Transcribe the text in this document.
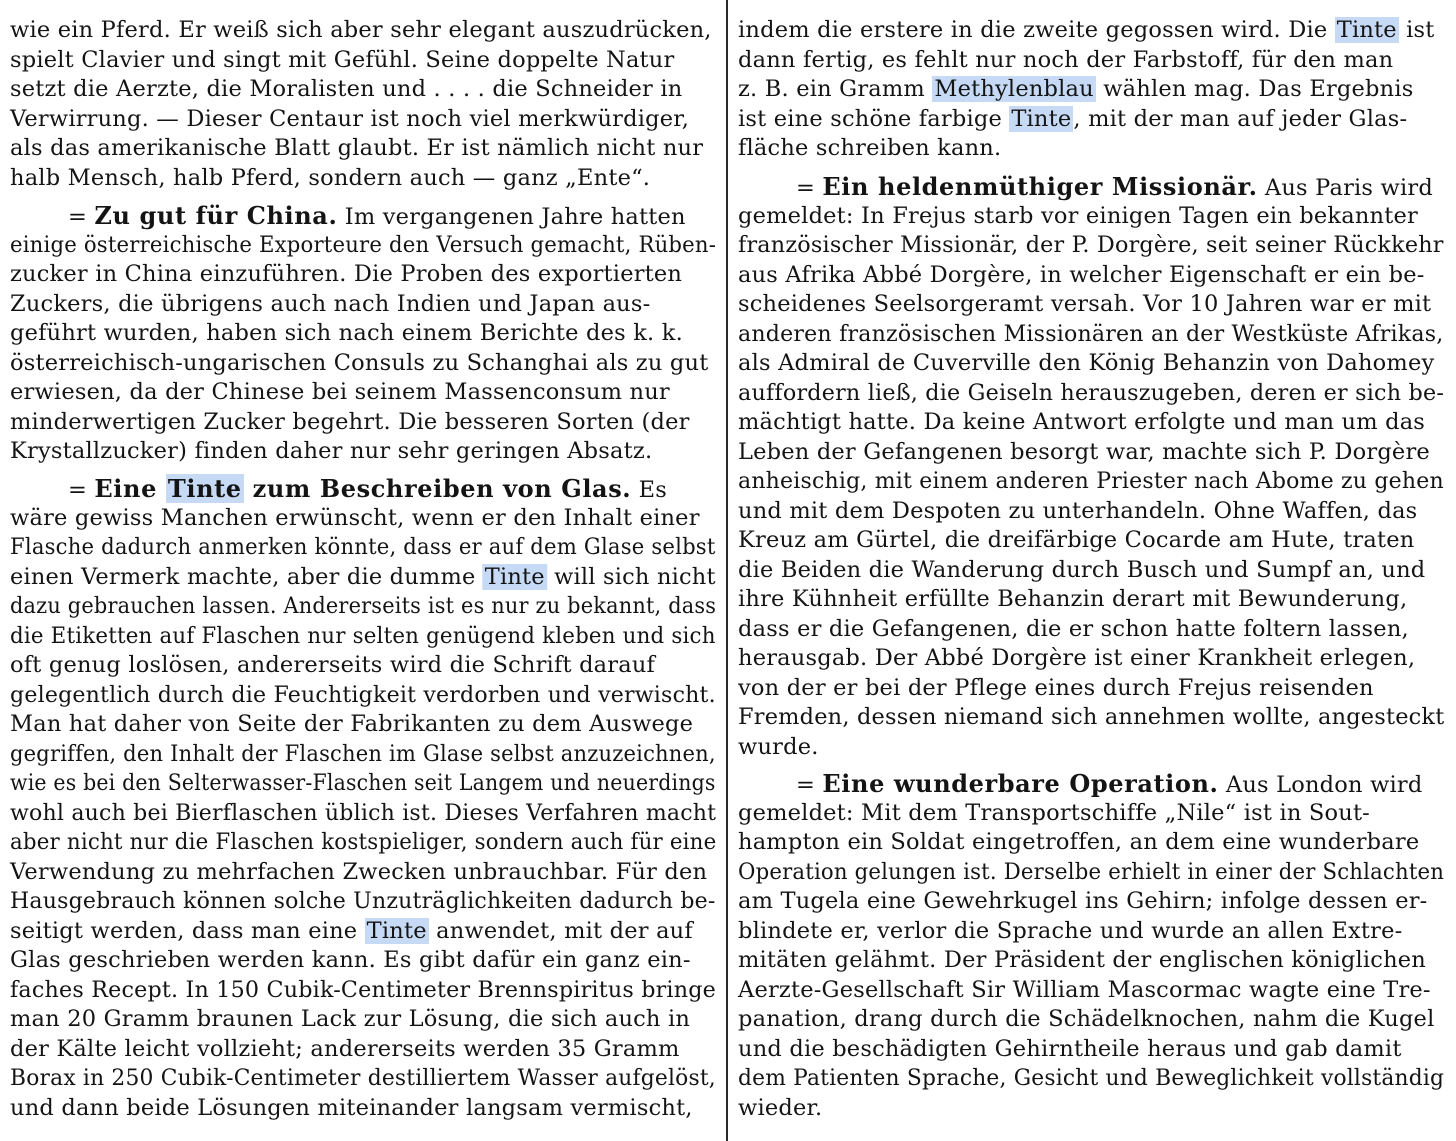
wie ein Pferd. Er weiß sich aber sehr elegant auszudrücken,
spielt Clavier und singt mit Gefühl. Seine doppelte Natur
setzt die Aerzte, die Moralisten und . . . . die Schneider in
Verwirrung. — Dieser Centaur ist noch viel merkwürdiger,
als das amerikanische Blatt glaubt. Er ist nämlich nicht nur
halb Mensch, halb Pferd, sondern auch — ganz „Ente“.
= Zu gut für China. Im vergangenen Jahre hatten
einige österreichische Exporteure den Versuch gemacht, Rüben-
zucker in China einzuführen. Die Proben des exportierten
Zuckers, die übrigens auch nach Indien und Japan aus-
geführt wurden, haben sich nach einem Berichte des k. k.
österreichisch-ungarischen Consuls zu Schanghai als zu gut
erwiesen, da der Chinese bei seinem Massenconsum nur
minderwertigen Zucker begehrt. Die besseren Sorten (der
Krystallzucker) finden daher nur sehr geringen Absatz.
= Eine Tinte zum Beschreiben von Glas. Es
wäre gewiss Manchen erwünscht, wenn er den Inhalt einer
Flasche dadurch anmerken könnte, dass er auf dem Glase selbst
einen Vermerk machte, aber die dumme Tinte will sich nicht
dazu gebrauchen lassen. Andererseits ist es nur zu bekannt, dass
die Etiketten auf Flaschen nur selten genügend kleben und sich
oft genug loslösen, andererseits wird die Schrift darauf
gelegentlich durch die Feuchtigkeit verdorben und verwischt.
Man hat daher von Seite der Fabrikanten zu dem Auswege
gegriffen, den Inhalt der Flaschen im Glase selbst anzuzeichnen,
wie es bei den Selterwasser-Flaschen seit Langem und neuerdings
wohl auch bei Bierflaschen üblich ist. Dieses Verfahren macht
aber nicht nur die Flaschen kostspieliger, sondern auch für eine
Verwendung zu mehrfachen Zwecken unbrauchbar. Für den
Hausgebrauch können solche Unzuträglichkeiten dadurch be-
seitigt werden, dass man eine Tinte anwendet, mit der auf
Glas geschrieben werden kann. Es gibt dafür ein ganz ein-
faches Recept. In 150 Cubik-Centimeter Brennspiritus bringe
man 20 Gramm braunen Lack zur Lösung, die sich auch in
der Kälte leicht vollzieht; andererseits werden 35 Gramm
Borax in 250 Cubik-Centimeter destilliertem Wasser aufgelöst,
und dann beide Lösungen miteinander langsam vermischt,
indem die erstere in die zweite gegossen wird. Die Tinte ist
dann fertig, es fehlt nur noch der Farbstoff, für den man
z. B. ein Gramm Methylenblau wählen mag. Das Ergebnis
ist eine schöne farbige Tinte, mit der man auf jeder Glas-
fläche schreiben kann.
= Ein heldenmüthiger Missionär. Aus Paris wird
gemeldet: In Frejus starb vor einigen Tagen ein bekannter
französischer Missionär, der P. Dorgère, seit seiner Rückkehr
aus Afrika Abbé Dorgère, in welcher Eigenschaft er ein be-
scheidenes Seelsorgeramt versah. Vor 10 Jahren war er mit
anderen französischen Missionären an der Westküste Afrikas,
als Admiral de Cuverville den König Behanzin von Dahomey
auffordern ließ, die Geiseln herauszugeben, deren er sich be-
mächtigt hatte. Da keine Antwort erfolgte und man um das
Leben der Gefangenen besorgt war, machte sich P. Dorgère
anheischig, mit einem anderen Priester nach Abome zu gehen
und mit dem Despoten zu unterhandeln. Ohne Waffen, das
Kreuz am Gürtel, die dreifärbige Cocarde am Hute, traten
die Beiden die Wanderung durch Busch und Sumpf an, und
ihre Kühnheit erfüllte Behanzin derart mit Bewunderung,
dass er die Gefangenen, die er schon hatte foltern lassen,
herausgab. Der Abbé Dorgère ist einer Krankheit erlegen,
von der er bei der Pflege eines durch Frejus reisenden
Fremden, dessen niemand sich annehmen wollte, angesteckt
wurde.
= Eine wunderbare Operation. Aus London wird
gemeldet: Mit dem Transportschiffe „Nile“ ist in Sout-
hampton ein Soldat eingetroffen, an dem eine wunderbare
Operation gelungen ist. Derselbe erhielt in einer der Schlachten
am Tugela eine Gewehrkugel ins Gehirn; infolge dessen er-
blindete er, verlor die Sprache und wurde an allen Extre-
mitäten gelähmt. Der Präsident der englischen königlichen
Aerzte-Gesellschaft Sir William Mascormac wagte eine Tre-
panation, drang durch die Schädelknochen, nahm die Kugel
und die beschädigten Gehirntheile heraus und gab damit
dem Patienten Sprache, Gesicht und Beweglichkeit vollständig
wieder.
